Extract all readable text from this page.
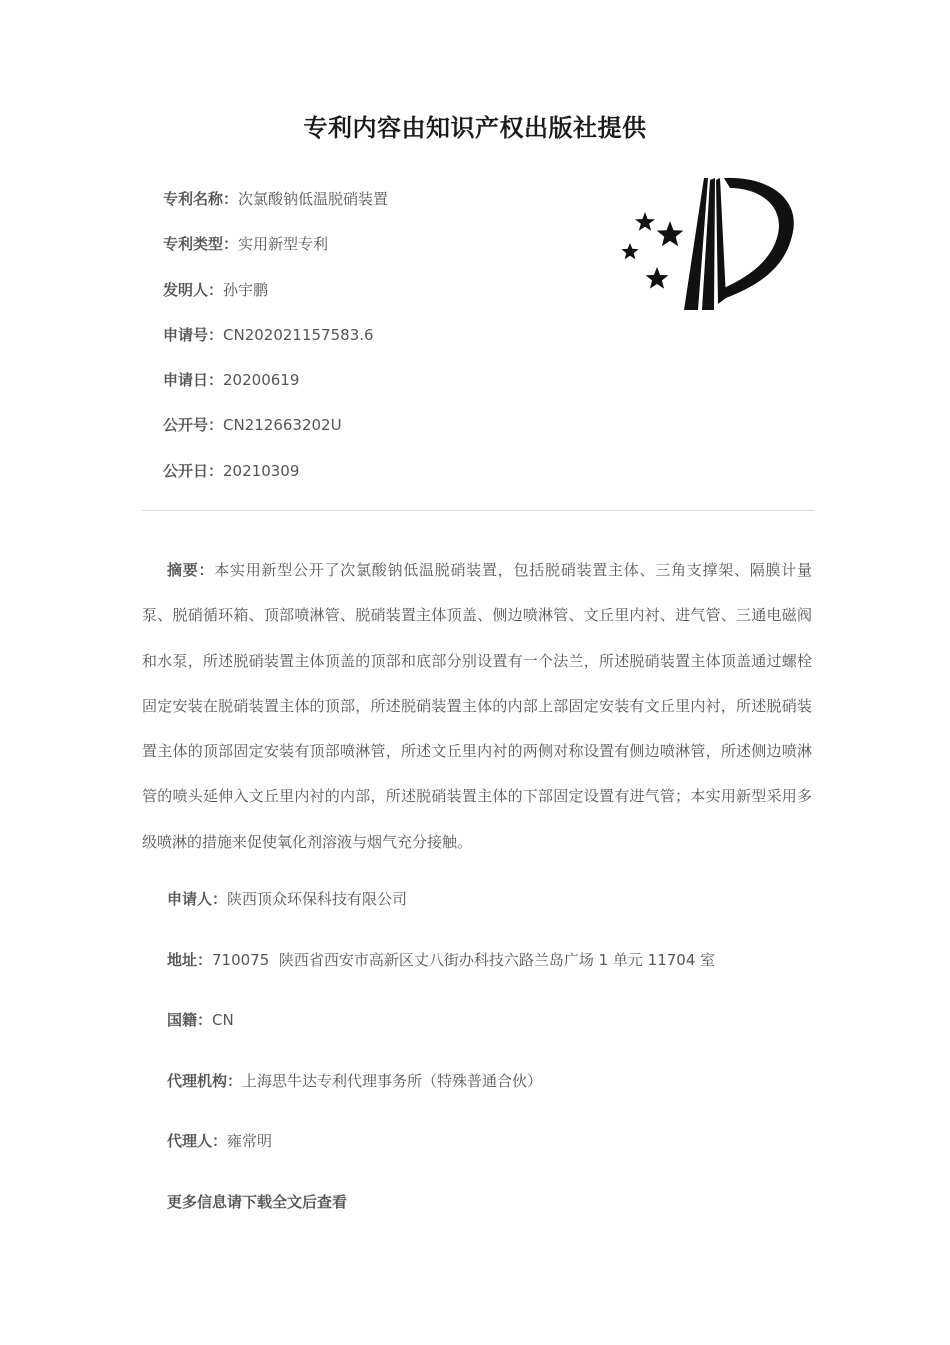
专利内容由知识产权出版社提供
专利名称：次氯酸钠低温脱硝装置
专利类型：实用新型专利
发明人：孙宇鹏
申请号：CN202021157583.6
申请日：20200619
公开号：CN212663202U
公开日：20210309

摘要：本实用新型公开了次氯酸钠低温脱硝装置，包括脱硝装置主体、三角支撑架、隔膜计量泵、脱硝循环箱、顶部喷淋管、脱硝装置主体顶盖、侧边喷淋管、文丘里内衬、进气管、三通电磁阀和水泵，所述脱硝装置主体顶盖的顶部和底部分别设置有一个法兰，所述脱硝装置主体顶盖通过螺栓固定安装在脱硝装置主体的顶部，所述脱硝装置主体的内部上部固定安装有文丘里内衬，所述脱硝装置主体的顶部固定安装有顶部喷淋管，所述文丘里内衬的两侧对称设置有侧边喷淋管，所述侧边喷淋管的喷头延伸入文丘里内衬的内部，所述脱硝装置主体的下部固定设置有进气管；本实用新型采用多级喷淋的措施来促使氧化剂溶液与烟气充分接触。

申请人：陕西顶众环保科技有限公司
地址：710075  陕西省西安市高新区丈八街办科技六路兰岛广场 1 单元 11704 室
国籍：CN
代理机构：上海思牛达专利代理事务所（特殊普通合伙）
代理人：雍常明
更多信息请下载全文后查看
